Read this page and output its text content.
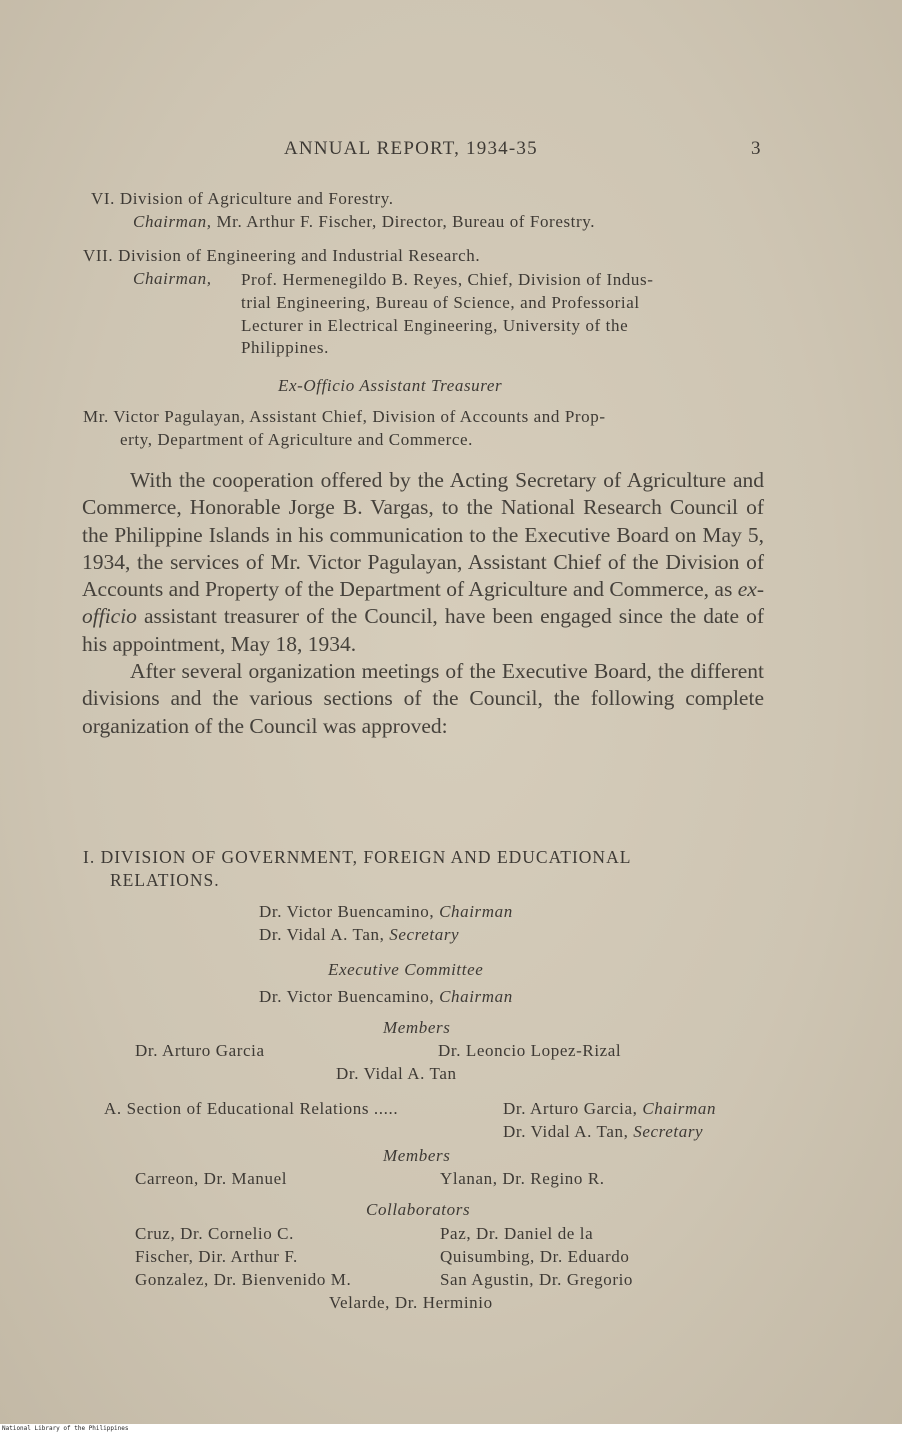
ANNUAL REPORT, 1934-35	3
VI. Division of Agriculture and Forestry.
Chairman, Mr. Arthur F. Fischer, Director, Bureau of Forestry.
VII. Division of Engineering and Industrial Research.
Chairman, Prof. Hermenegildo B. Reyes, Chief, Division of Indus-
trial Engineering, Bureau of Science, and Professorial
Lecturer in Electrical Engineering, University of the
Philippines.
Ex-Officio Assistant Treasurer
Mr. Victor Pagulayan, Assistant Chief, Division of Accounts and Prop-
erty, Department of Agriculture and Commerce.

With the cooperation offered by the Acting Secretary of Agriculture and Commerce, Honorable Jorge B. Vargas, to the National Research Council of the Philippine Islands in his communication to the Executive Board on May 5, 1934, the services of Mr. Victor Pagulayan, Assistant Chief of the Division of Accounts and Property of the Department of Agriculture and Commerce, as ex-officio assistant treasurer of the Council, have been engaged since the date of his appointment, May 18, 1934.

After several organization meetings of the Executive Board, the different divisions and the various sections of the Council, the following complete organization of the Council was approved:

I. DIVISION OF GOVERNMENT, FOREIGN AND EDUCATIONAL
RELATIONS.
Dr. Victor Buencamino, Chairman
Dr. Vidal A. Tan, Secretary
Executive Committee
Dr. Victor Buencamino, Chairman
Members
Dr. Arturo Garcia	Dr. Leoncio Lopez-Rizal
Dr. Vidal A. Tan
A. Section of Educational Relations .....	Dr. Arturo Garcia, Chairman
Dr. Vidal A. Tan, Secretary
Members
Carreon, Dr. Manuel	Ylanan, Dr. Regino R.
Collaborators
Cruz, Dr. Cornelio C.	Paz, Dr. Daniel de la
Fischer, Dir. Arthur F.	Quisumbing, Dr. Eduardo
Gonzalez, Dr. Bienvenido M.	San Agustin, Dr. Gregorio
Velarde, Dr. Herminio
National Library of the Philippines
